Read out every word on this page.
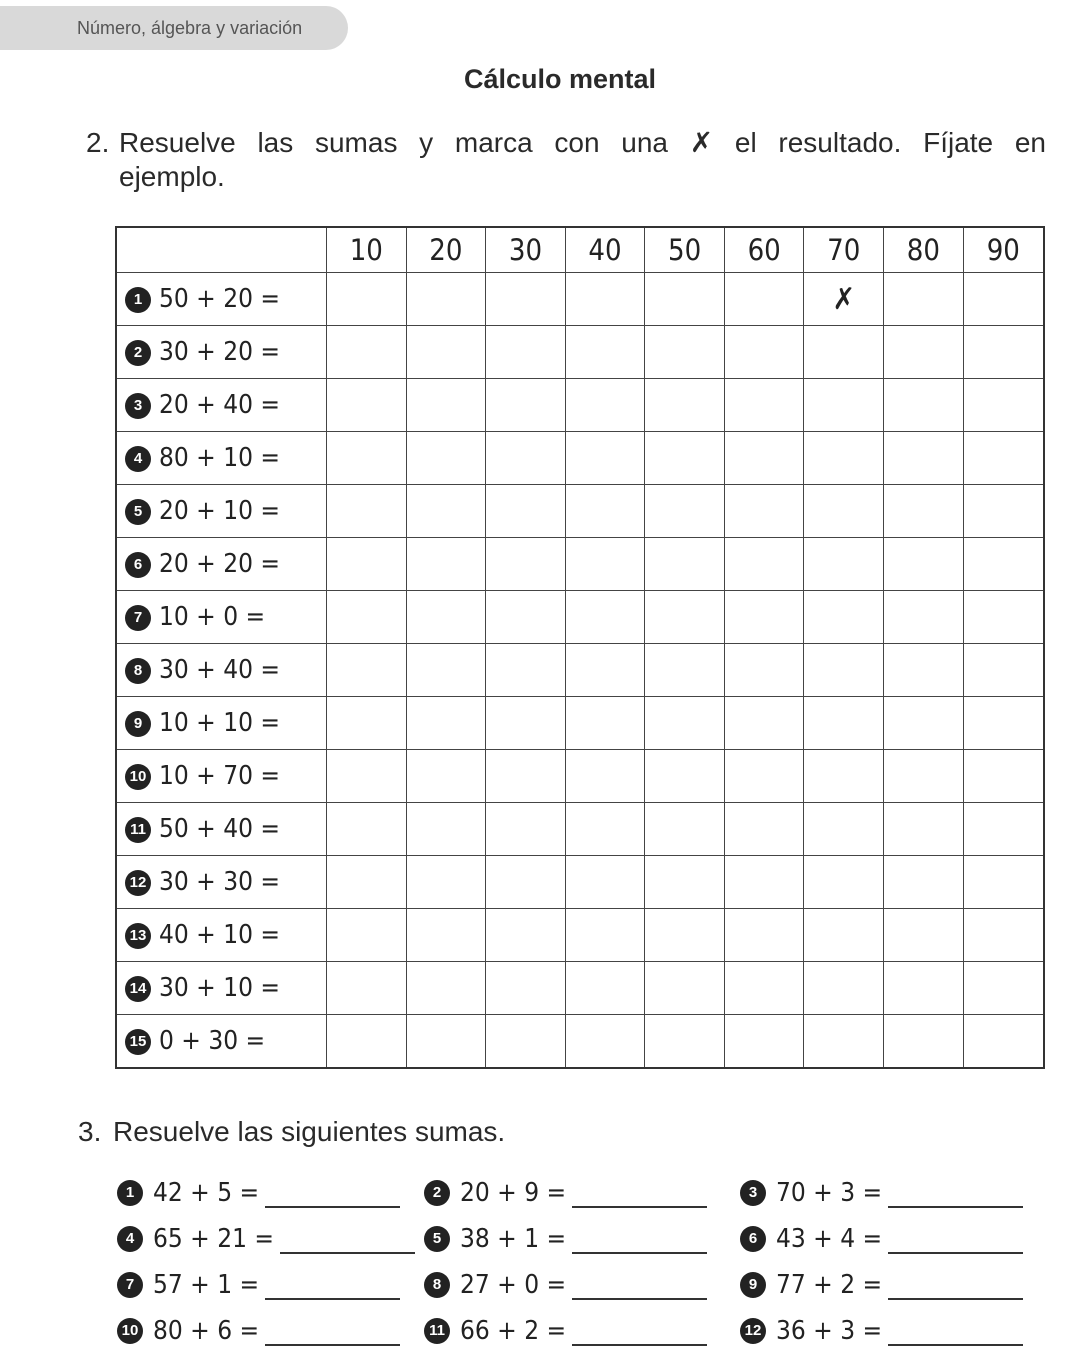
Número, álgebra y variación
Cálculo mental
2. Resuelve las sumas y marca con una ✗ el resultado. Fíjate en
ejemplo.
	10	20	30	40	50	60	70	80	90
1 50 + 20 =							✗		
2 30 + 20 =									
3 20 + 40 =									
4 80 + 10 =									
5 20 + 10 =									
6 20 + 20 =									
7 10 + 0 =									
8 30 + 40 =									
9 10 + 10 =									
10 10 + 70 =									
11 50 + 40 =									
12 30 + 30 =									
13 40 + 10 =									
14 30 + 10 =									
15 0 + 30 =									
3. Resuelve las siguientes sumas.
1 42 + 5 =	2 20 + 9 =	3 70 + 3 =
4 65 + 21 =	5 38 + 1 =	6 43 + 4 =
7 57 + 1 =	8 27 + 0 =	9 77 + 2 =
10 80 + 6 =	11 66 + 2 =	12 36 + 3 =
